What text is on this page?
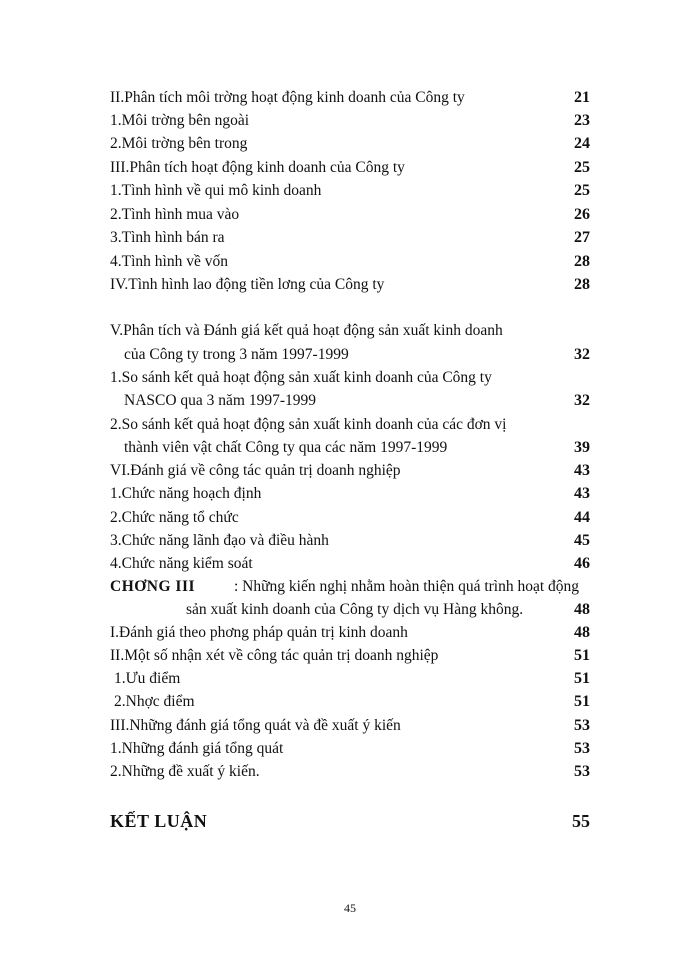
II.Phân tích môi trờng hoạt động kinh doanh của Công ty	21
1.Môi trờng bên ngoài	23
2.Môi trờng bên trong	24
III.Phân tích hoạt động kinh doanh của Công ty	25
1.Tình hình về qui mô kinh doanh	25
2.Tình hình mua vào	26
3.Tình hình bán ra	27
4.Tình hình về vốn	28
IV.Tình hình lao động tiền lơng của Công ty	28
V.Phân tích và Đánh giá kết quả hoạt động sản xuất kinh doanh
của Công ty trong 3 năm 1997-1999	32
1.So sánh kết quả hoạt động sản xuất kinh doanh của Công ty
NASCO qua 3 năm 1997-1999	32
2.So sánh kết quả hoạt động sản xuất kinh doanh của các đơn vị
thành viên vật chất Công ty qua các năm 1997-1999	39
VI.Đánh giá về công tác quản trị doanh nghiệp	43
1.Chức năng hoạch định	43
2.Chức năng tổ chức	44
3.Chức năng lãnh đạo và điều hành	45
4.Chức năng kiểm soát	46
CHƠNG III	: Những kiến nghị nhằm hoàn thiện quá trình hoạt động
sản xuất kinh doanh của Công ty dịch vụ Hàng không.	48
I.Đánh giá theo phơng pháp quản trị kinh doanh	48
II.Một số nhận xét về công tác quản trị doanh nghiệp	51
1.Ưu điểm	51
2.Nhợc điểm	51
III.Những đánh giá tổng quát và đề xuất ý kiến	53
1.Những đánh giá tổng quát	53
2.Những đề xuất ý kiến.	53
KẾT LUẬN	55
45
